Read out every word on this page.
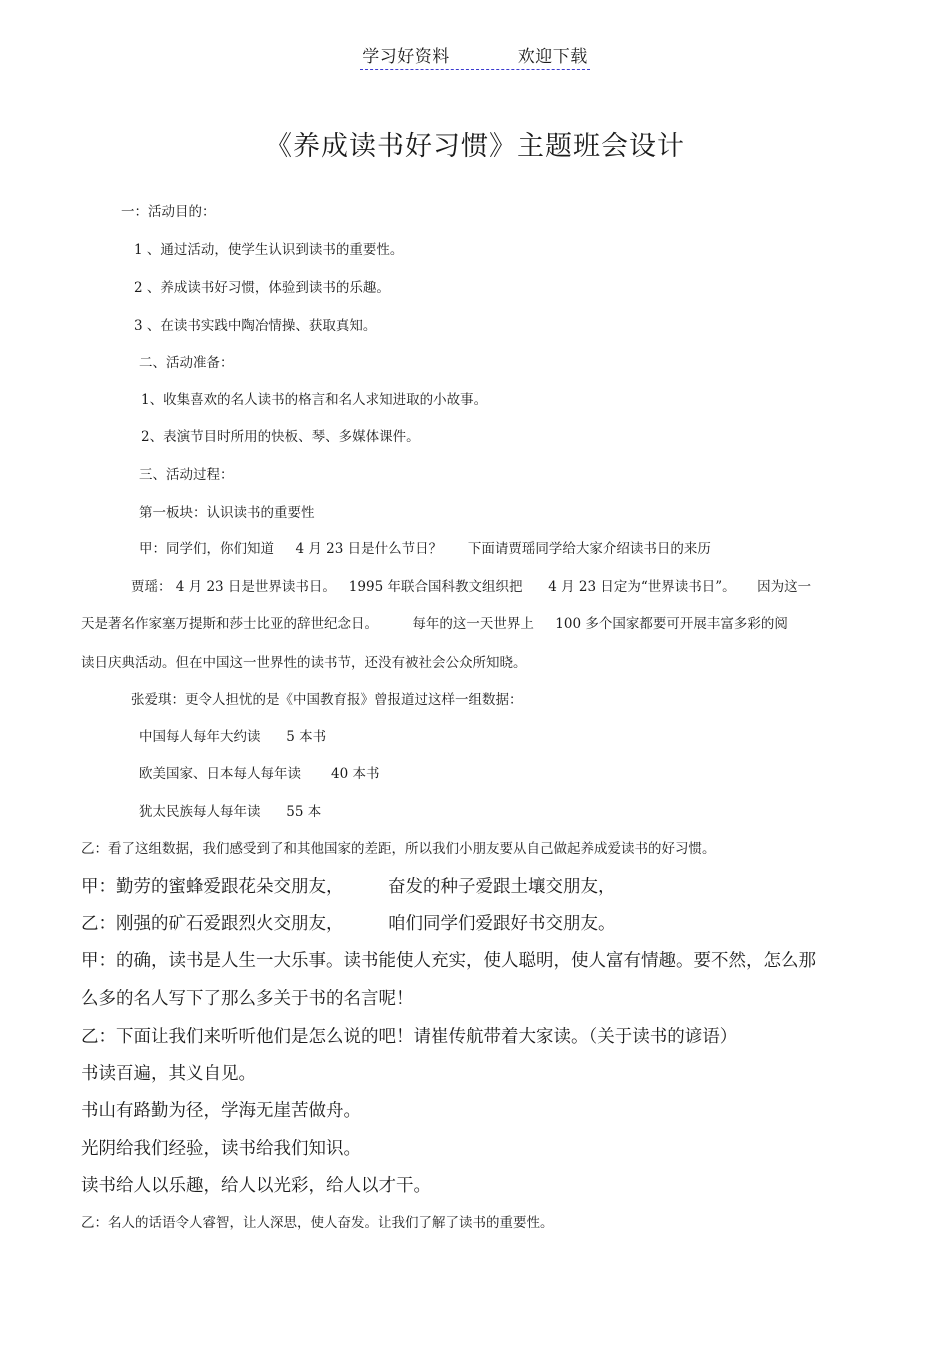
学习好资料	欢迎下载
《养成读书好习惯》主题班会设计
一：活动目的：
1 、通过活动，使学生认识到读书的重要性。
2 、养成读书好习惯，体验到读书的乐趣。
3 、在读书实践中陶冶情操、获取真知。
二、活动准备：
1、收集喜欢的名人读书的格言和名人求知进取的小故事。
2、表演节目时所用的快板、琴、多媒体课件。
三、活动过程：
第一板块：认识读书的重要性
甲：同学们，你们知道     4 月 23 日是什么节日？      下面请贾瑶同学给大家介绍读书日的来历
贾瑶： 4 月 23 日是世界读书日。   1995 年联合国科教文组织把      4 月 23 日定为“世界读书日”。     因为这一
天是著名作家塞万提斯和莎士比亚的辞世纪念日。        每年的这一天世界上     100 多个国家都要可开展丰富多彩的阅
读日庆典活动。但在中国这一世界性的读书节，还没有被社会公众所知晓。
张爱琪：更令人担忧的是《中国教育报》曾报道过这样一组数据：
中国每人每年大约读      5 本书
欧美国家、日本每人每年读       40 本书
犹太民族每人每年读      55 本
乙：看了这组数据，我们感受到了和其他国家的差距，所以我们小朋友要从自己做起养成爱读书的好习惯。
甲：勤劳的蜜蜂爱跟花朵交朋友，        奋发的种子爱跟土壤交朋友，
乙：刚强的矿石爱跟烈火交朋友，        咱们同学们爱跟好书交朋友。
甲：的确，读书是人生一大乐事。读书能使人充实，使人聪明，使人富有情趣。要不然，怎么那
么多的名人写下了那么多关于书的名言呢！
乙：下面让我们来听听他们是怎么说的吧！请崔传航带着大家读。（关于读书的谚语）
书读百遍，其义自见。
书山有路勤为径，学海无崖苦做舟。
光阴给我们经验，读书给我们知识。
读书给人以乐趣，给人以光彩，给人以才干。
乙：名人的话语令人睿智，让人深思，使人奋发。让我们了解了读书的重要性。
